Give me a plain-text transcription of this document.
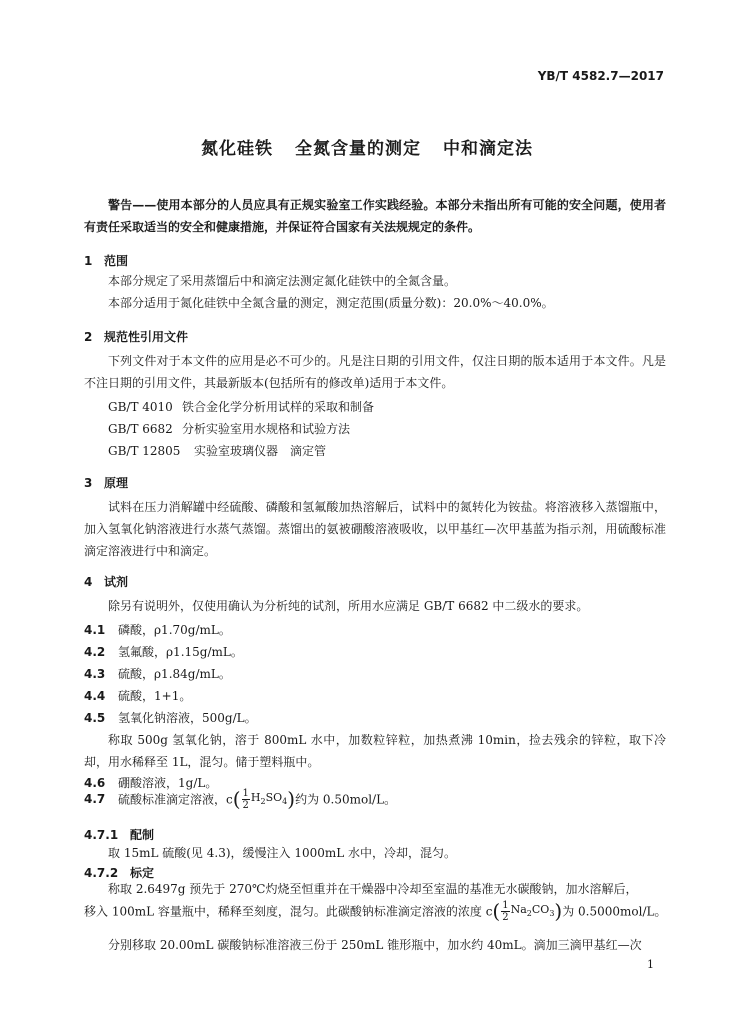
YB/T 4582.7—2017
氮化硅铁 全氮含量的测定 中和滴定法
警告——使用本部分的人员应具有正规实验室工作实践经验。本部分未指出所有可能的安全问题，使用者有责任采取适当的安全和健康措施，并保证符合国家有关法规规定的条件。
1 范围
本部分规定了采用蒸馏后中和滴定法测定氮化硅铁中的全氮含量。
本部分适用于氮化硅铁中全氮含量的测定，测定范围(质量分数)：20.0%～40.0%。
2 规范性引用文件

下列文件对于本文件的应用是必不可少的。凡是注日期的引用文件，仅注日期的版本适用于本文件。凡是不注日期的引用文件，其最新版本(包括所有的修改单)适用于本文件。

GB/T 4010 铁合金化学分析用试样的采取和制备
GB/T 6682 分析实验室用水规格和试验方法
GB/T 12805 实验室玻璃仪器　滴定管
3 原理

试料在压力消解罐中经硫酸、磷酸和氢氟酸加热溶解后，试料中的氮转化为铵盐。将溶液移入蒸馏瓶中，加入氢氧化钠溶液进行水蒸气蒸馏。蒸馏出的氨被硼酸溶液吸收，以甲基红—次甲基蓝为指示剂，用硫酸标准滴定溶液进行中和滴定。

4 试剂
除另有说明外，仅使用确认为分析纯的试剂，所用水应满足 GB/T 6682 中二级水的要求。
4.1 磷酸，ρ1.70g/mL。
4.2 氢氟酸，ρ1.15g/mL。
4.3 硫酸，ρ1.84g/mL。
4.4 硫酸，1+1。
4.5 氢氧化钠溶液，500g/L。

称取 500g 氢氧化钠，溶于 800mL 水中，加数粒锌粒，加热煮沸 10min，捡去残余的锌粒，取下冷却，用水稀释至 1L，混匀。储于塑料瓶中。

4.6 硼酸溶液，1g/L。
4.7 硫酸标准滴定溶液，$c( \frac{1}{2}H_2SO_4)$约为 0.50mol/L。
4.7.1 配制
取 15mL 硫酸(见 4.3)，缓慢注入 1000mL 水中，冷却，混匀。
4.7.2 标定
称取 2.6497g 预先于 270℃灼烧至恒重并在干燥器中冷却至室温的基准无水碳酸钠，加水溶解后，
移入 100mL 容量瓶中，稀释至刻度，混匀。此碳酸钠标准滴定溶液的浓度 $c( \frac{1}{2}Na_2CO_3)$为 0.5000mol/L。
分别移取 20.00mL 碳酸钠标准溶液三份于 250mL 锥形瓶中，加水约 40mL。滴加三滴甲基红—次
1
